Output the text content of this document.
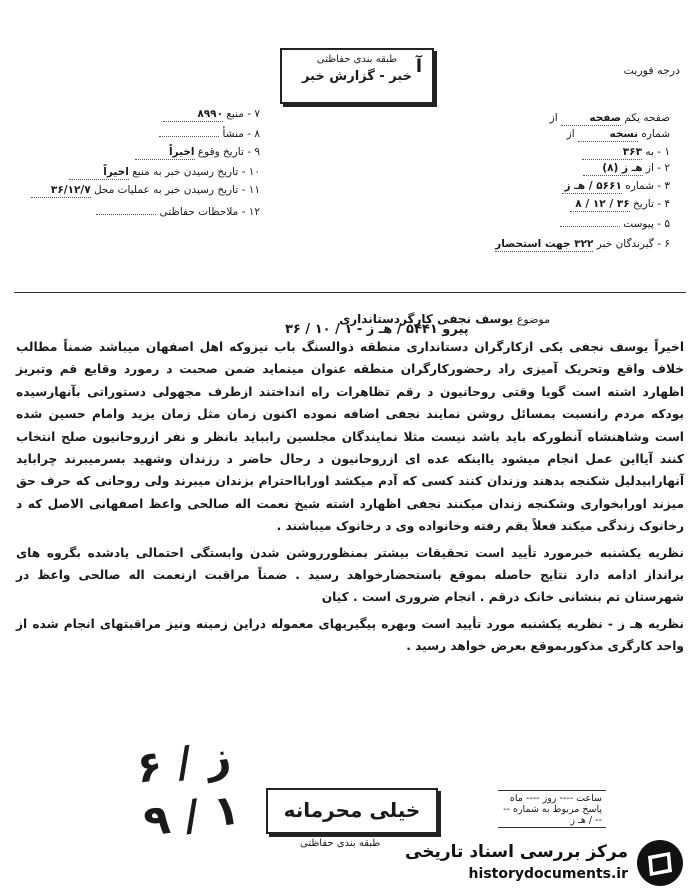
طبقه بندی حفاظتی
خبر - گزارش خبر آ	درجه فوریت
صفحه یکم صفحه از
شماره نسخه از
۱ - به ۳۶۳
۲ - از هـ ز (۸)
۳ - شماره ۵۶۶۱ / هـ ز
۴ - تاریخ ۳۶ / ۱۲ / ۸
۵ - پیوست
۶ - گیرندگان خبر ۳۲۲ جهت استحضار
۷ - منبع ۸۹۹۰
۸ - منشأ
۹ - تاریخ وقوع اخیراً
۱۰ - تاریخ رسیدن خبر به منبع اخیراً
۱۱ - تاریخ رسیدن خبر به عملیات محل ۳۶/۱۲/۷
۱۲ - ملاحظات حفاظتی
موضوع یوسف نجفی کارگردستانداری
پیرو ۵۴۴۱ / هـ ز - ۱ / ۱۰ / ۳۶

اخیراً یوسف نجفی یکی ازکارگران دستانداری منطقه ذوالسنگ باب نیزوکه اهل اصفهان میباشد ضمناً مطالب خلاف واقع وتحریک آمیزی راد رحضورکارگران منطقه عنوان مینماید ضمن صحبت د رمورد وقایع قم وتبریز اظهارد اشته است گویا وقتی روحانیون د رقم تظاهرات راه انداختند ازطرف مجهولی دستوراتی بآنهارسیده بودکه مردم رانسبت بمسائل روشن نمایند نجفی اضافه نموده اکنون زمان مثل زمان یزید وامام حسین شده است وشاهنشاه آنطورکه باید باشد نیست مثلا نمایندگان مجلسین رابباید بانظر و نفر ازروحانیون صلح انتخاب کنند آیااین عمل انجام میشود یااینکه عده ای ازروحانیون د رحال حاضر د رزندان وشهید بسرمیبرند چراباید آنهارابیدلیل شکنجه بدهند وزندان کنند کسی که آدم میکشد اورابااحترام بزندان میبرند ولی روحانی که حرف حق میزند اورابخواری وشکنجه زندان میکنند نجفی اظهارد اشته شیخ نعمت اله صالحی واعظ اصفهانی الاصل که د رخانوک زندگی میکند فعلاً بقم رفته وخانواده وی د رخانوک میباشند .

نظریه یکشنبه خبرمورد تأیید است تحقیقات بیشتر بمنظورروشن شدن وابستگی احتمالی یادشده بگروه های برانداز ادامه دارد نتایج حاصله بموقع باستحضارخواهد رسید . ضمناً مراقبت ازنعمت اله صالحی واعظ در شهرستان تم بنشانی خانک درقم . انجام ضروری است . کیان

نظریه هـ ز - نظریه یکشنبه مورد تأیید است وبهره پیگیریهای معموله دراین زمینه ونیز مراقبتهای انجام شده از واحد کارگری مذکوربموقع بعرض خواهد رسید .

۶ / ز
۹ / ۱	خیلی محرمانه
طبقه بندی حفاظتی
ساعت ---- روز ---- ماه
پاسخ مربوط به شماره ---- / هـ ز
مرکز بررسی اسناد تاریخی
historydocuments.ir
